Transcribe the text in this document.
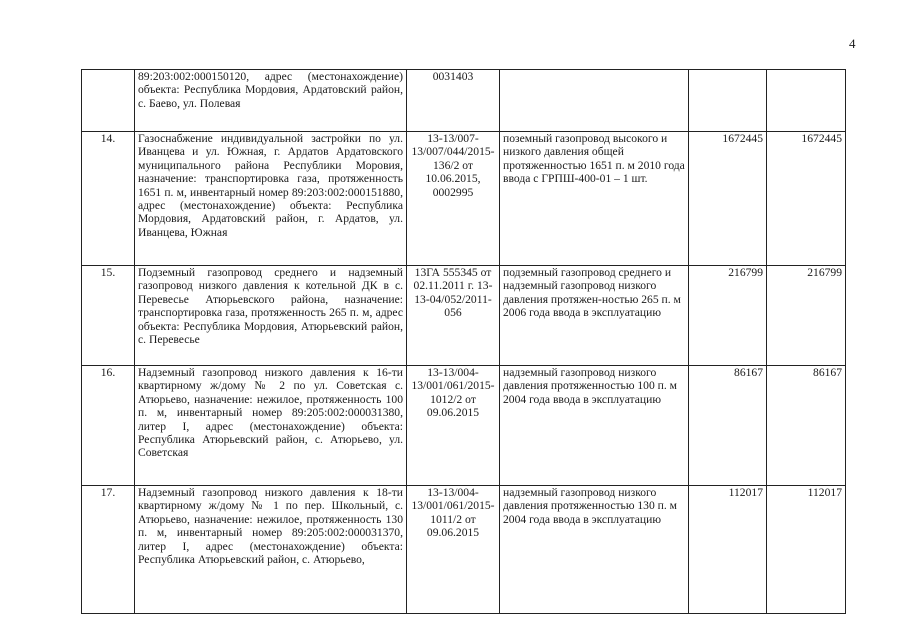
4
	89:203:002:000150120, адрес (местонахождение) объекта: Республика Мордовия, Ардатовский район, с. Баево, ул. Полевая	0031403			
14.	Газоснабжение индивидуальной застройки по ул. Иванцева и ул. Южная, г. Ардатов Ардатовского муниципального района Республики Моровия, назначение: транспортировка газа, протяженность 1651 п. м, инвентарный номер 89:203:002:000151880, адрес (местонахождение) объекта: Республика Мордовия, Ардатовский район, г. Ардатов, ул. Иванцева, Южная	13-13/007-13/007/044/2015-136/2 от 10.06.2015, 0002995	поземный газопровод высокого и низкого давления общей протяженностью 1651 п. м 2010 года ввода с ГРПШ-400-01 – 1 шт.	1672445	1672445
15.	Подземный газопровод среднего и надземный газопровод низкого давления к котельной ДК в с. Перевесье Атюрьевского района, назначение: транспортировка газа, протяженность 265 п. м, адрес объекта: Республика Мордовия, Атюрьевский район, с. Перевесье	13ГА 555345 от 02.11.2011 г. 13-13-04/052/2011-056	подземный газопровод среднего и надземный газопровод низкого давления протяжен-ностью 265 п. м 2006 года ввода в эксплуатацию	216799	216799
16.	Надземный газопровод низкого давления к 16-ти квартирному ж/дому № 2 по ул. Советская с. Атюрьево, назначение: нежилое, протяженность 100 п. м, инвентарный номер 89:205:002:000031380, литер I, адрес (местонахождение) объекта: Республика Атюрьевский район, с. Атюрьево, ул. Советская	13-13/004-13/001/061/2015-1012/2 от 09.06.2015	надземный газопровод низкого давления протяженностью 100 п. м 2004 года ввода в эксплуатацию	86167	86167
17.	Надземный газопровод низкого давления к 18-ти квартирному ж/дому № 1 по пер. Школьный, с. Атюрьево, назначение: нежилое, протяженность 130 п. м, инвентарный номер 89:205:002:000031370, литер I, адрес (местонахождение) объекта: Республика Атюрьевский район, с. Атюрьево,	13-13/004-13/001/061/2015-1011/2 от 09.06.2015	надземный газопровод низкого давления протяженностью 130 п. м 2004 года ввода в эксплуатацию	112017	112017
